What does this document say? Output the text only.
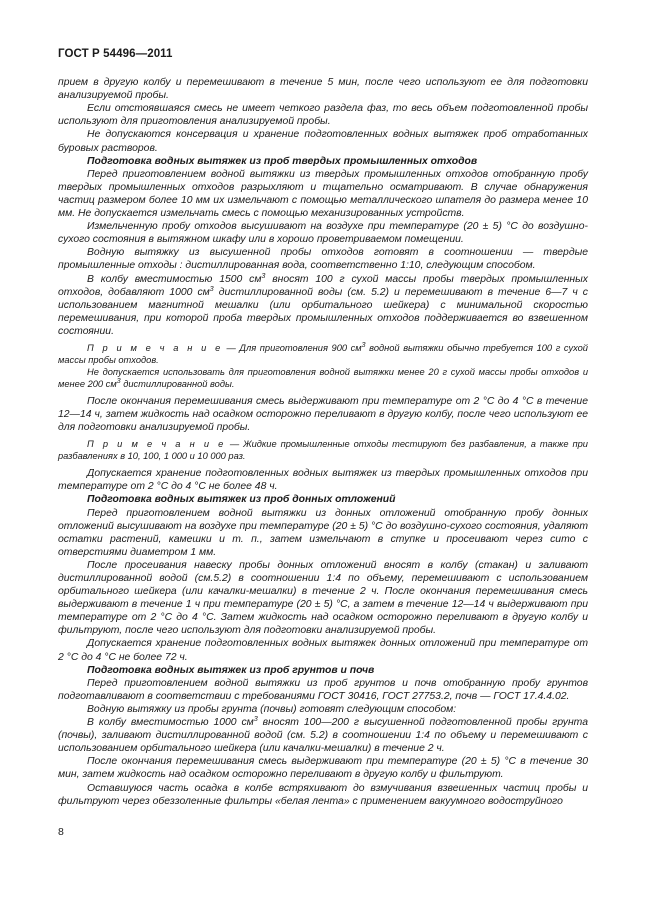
ГОСТ Р 54496—2011

прием в другую колбу и перемешивают в течение 5 мин, после чего используют ее для подготовки анализируемой пробы.

Если отстоявшаяся смесь не имеет четкого раздела фаз, то весь объем подготовленной пробы используют для приготовления анализируемой пробы.

Не допускаются консервация и хранение подготовленных водных вытяжек проб отработанных буровых растворов.

Подготовка водных вытяжек из проб твердых промышленных отходов

Перед приготовлением водной вытяжки из твердых промышленных отходов отобранную пробу твердых промышленных отходов разрыхляют и тщательно осматривают. В случае обнаружения частиц размером более 10 мм их измельчают с помощью металлического шпателя до размера менее 10 мм. Не допускается измельчать смесь с помощью механизированных устройств.

Измельченную пробу отходов высушивают на воздухе при температуре (20 ± 5) °С до воздушно-сухого состояния в вытяжном шкафу или в хорошо проветриваемом помещении.

Водную вытяжку из высушенной пробы отходов готовят в соотношении — твердые промышленные отходы : дистиллированная вода, соответственно 1:10, следующим способом.

В колбу вместимостью 1500 $см^3$ вносят 100 г сухой массы пробы твердых промышленных отходов, добавляют 1000 $см^3$ дистиллированной воды (см. 5.2) и перемешивают в течение 6—7 ч с использованием магнитной мешалки (или орбитального шейкера) с минимальной скоростью перемешивания, при которой проба твердых промышленных отходов поддерживается во взвешенном состоянии.

П р и м е ч а н и е — Для приготовления 900 $см^3$ водной вытяжки обычно требуется 100 г сухой массы пробы отходов.

Не допускается использовать для приготовления водной вытяжки менее 20 г сухой массы пробы отходов и менее 200 $см^3$ дистиллированной воды.

После окончания перемешивания смесь выдерживают при температуре от 2 °С до 4 °С в течение 12—14 ч, затем жидкость над осадком осторожно переливают в другую колбу, после чего используют ее для подготовки анализируемой пробы.

П р и м е ч а н и е — Жидкие промышленные отходы тестируют без разбавления, а также при разбавлениях в 10, 100, 1 000 и 10 000 раз.

Допускается хранение подготовленных водных вытяжек из твердых промышленных отходов при температуре от 2 °С до 4 °С не более 48 ч.

Подготовка водных вытяжек из проб донных отложений

Перед приготовлением водной вытяжки из донных отложений отобранную пробу донных отложений высушивают на воздухе при температуре (20 ± 5) °С до воздушно-сухого состояния, удаляют остатки растений, камешки и т. п., затем измельчают в ступке и просеивают через сито с отверстиями диаметром 1 мм.

После просеивания навеску пробы донных отложений вносят в колбу (стакан) и заливают дистиллированной водой (см.5.2) в соотношении 1:4 по объему, перемешивают с использованием орбитального шейкера (или качалки-мешалки) в течение 2 ч. После окончания перемешивания смесь выдерживают в течение 1 ч при температуре (20 ± 5) °С, а затем в течение 12—14 ч выдерживают при температуре от 2 °С до 4 °С. Затем жидкость над осадком осторожно переливают в другую колбу и фильтруют, после чего используют для подготовки анализируемой пробы.

Допускается хранение подготовленных водных вытяжек донных отложений при температуре от 2 °С до 4 °С не более 72 ч.

Подготовка водных вытяжек из проб грунтов и почв

Перед приготовлением водной вытяжки из проб грунтов и почв отобранную пробу грунтов подготавливают в соответствии с требованиями ГОСТ 30416, ГОСТ 27753.2, почв — ГОСТ 17.4.4.02.

Водную вытяжку из пробы грунта (почвы) готовят следующим способом:

В колбу вместимостью 1000 $см^3$ вносят 100—200 г высушенной подготовленной пробы грунта (почвы), заливают дистиллированной водой (см. 5.2) в соотношении 1:4 по объему и перемешивают с использованием орбитального шейкера (или качалки-мешалки) в течение 2 ч.

После окончания перемешивания смесь выдерживают при температуре (20 ± 5) °С в течение 30 мин, затем жидкость над осадком осторожно переливают в другую колбу и фильтруют.

Оставшуюся часть осадка в колбе встряхивают до взмучивания взвешенных частиц пробы и фильтруют через обеззоленные фильтры «белая лента» с применением вакуумного водоструйного

8
